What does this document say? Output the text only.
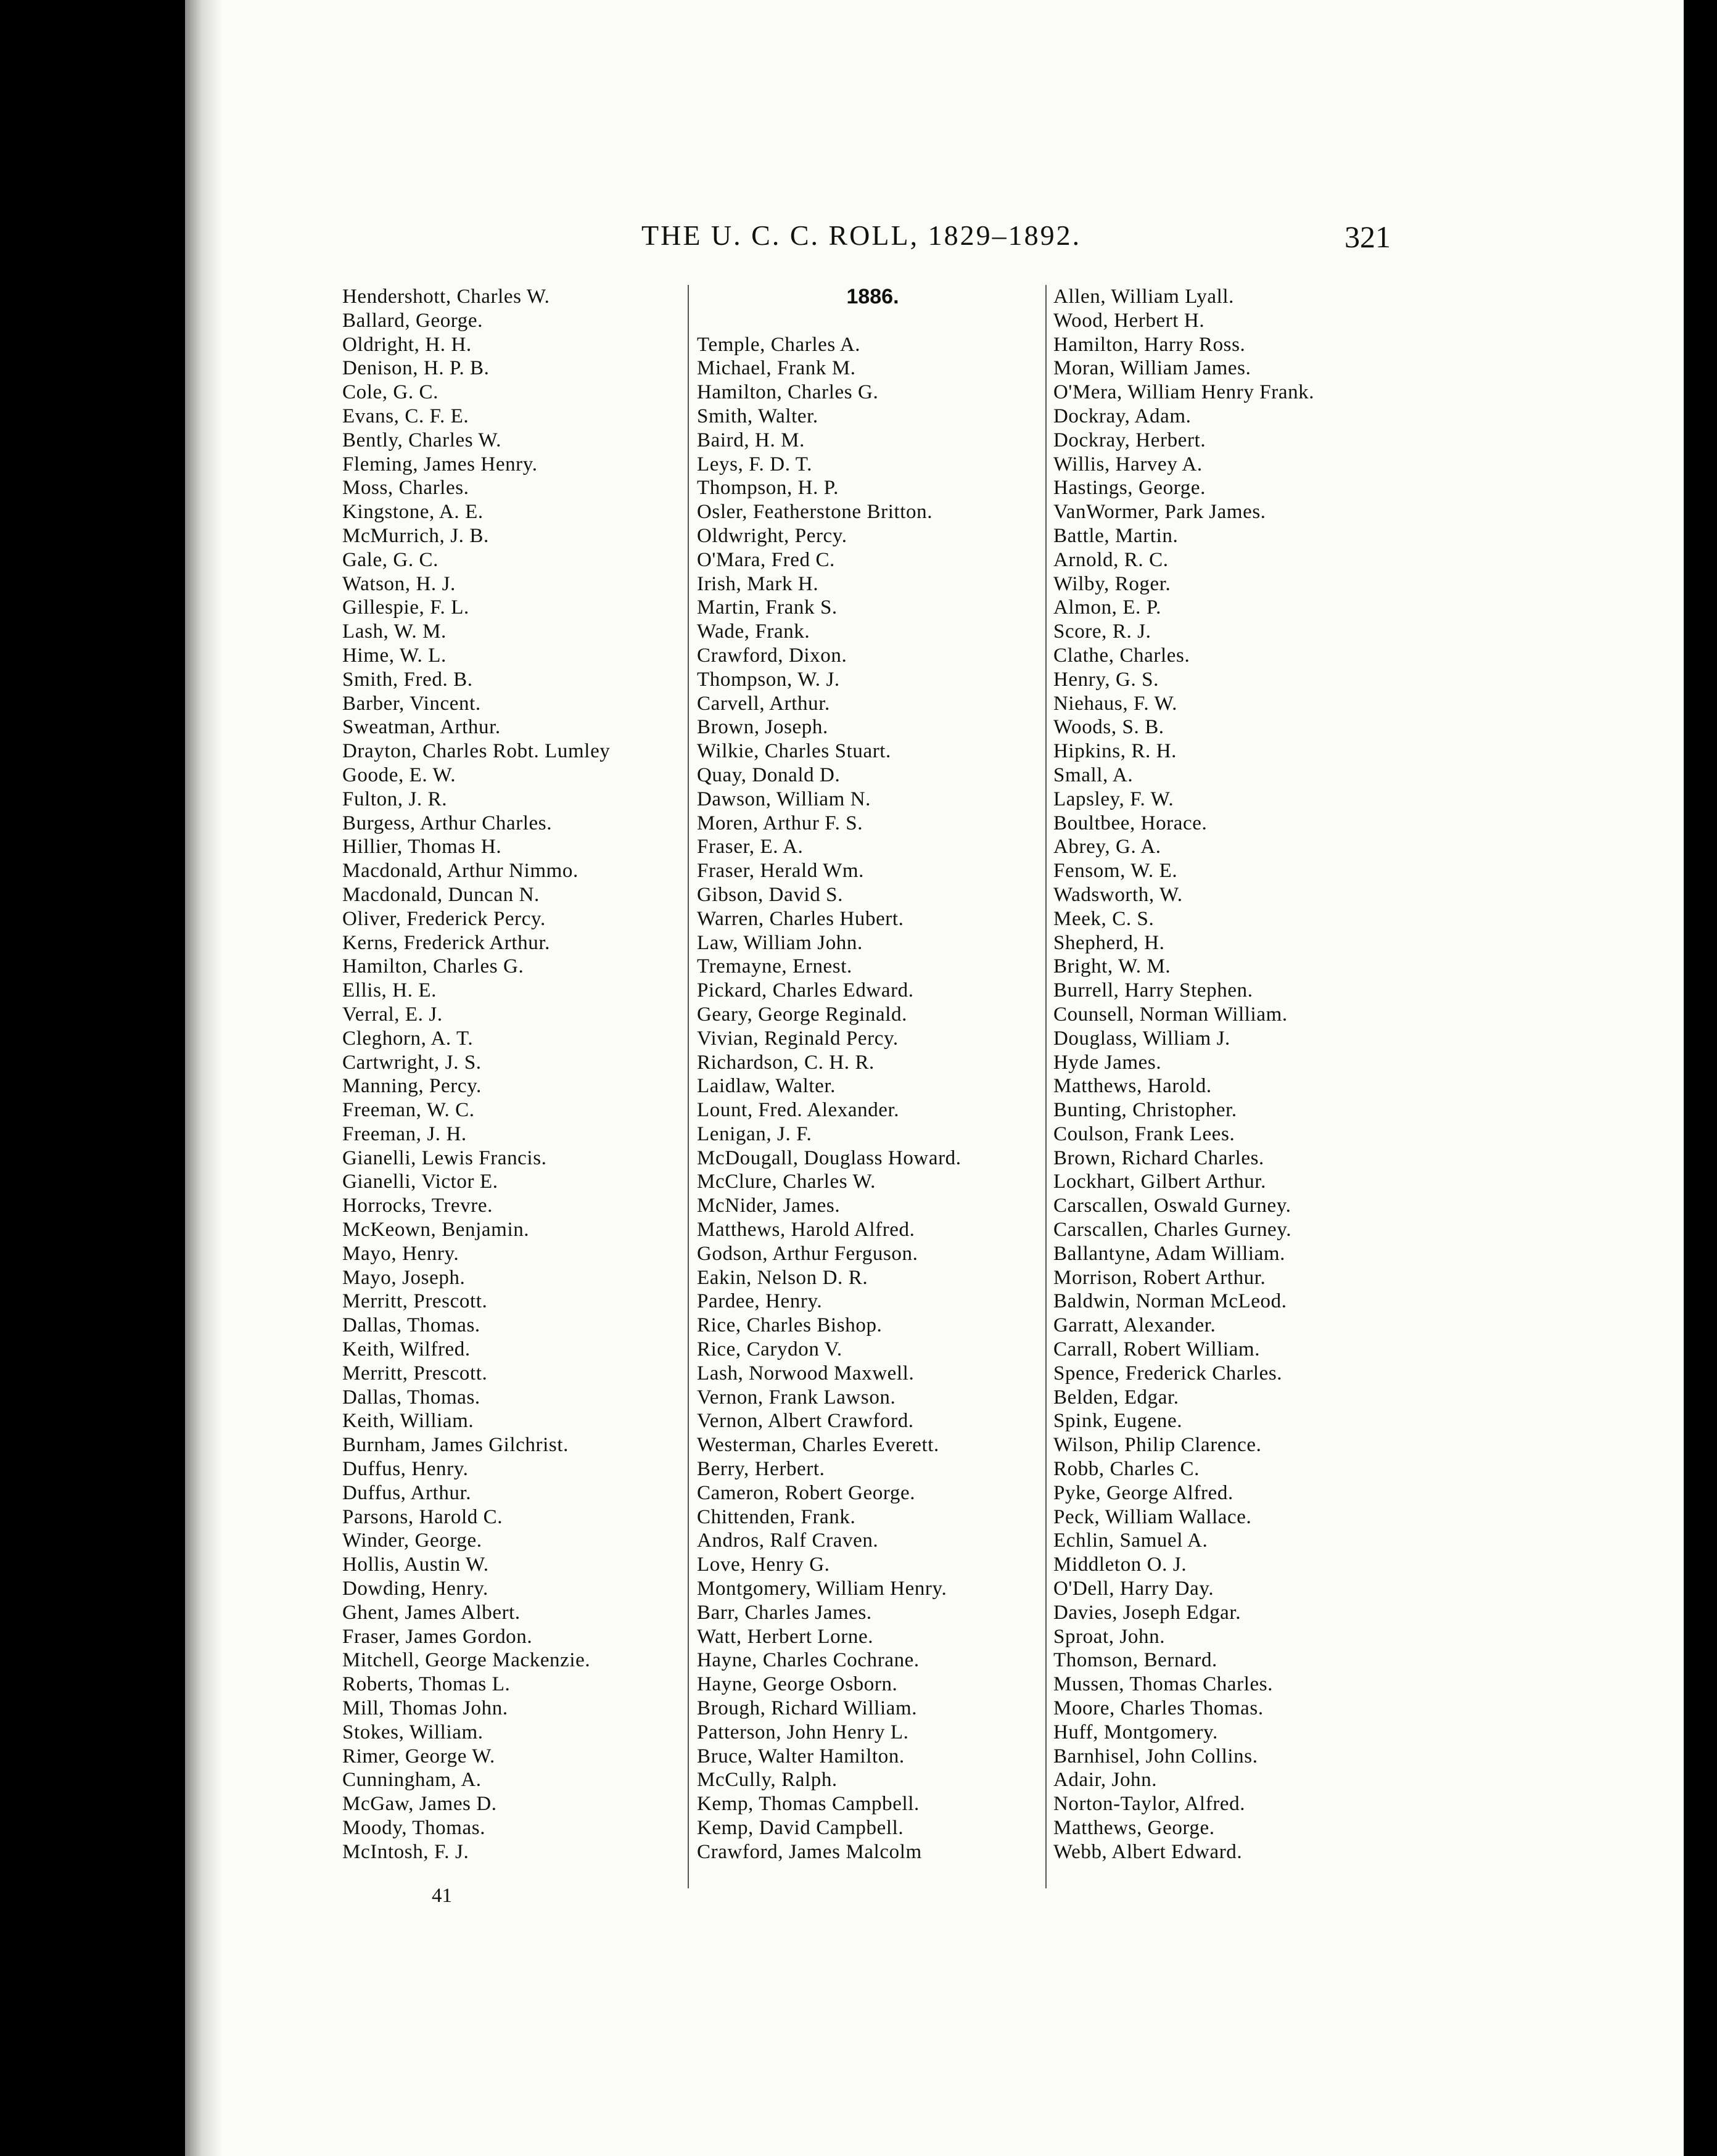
THE U. C. C. ROLL, 1829–1892.	321
Hendershott, Charles W.
Ballard, George.
Oldright, H. H.
Denison, H. P. B.
Cole, G. C.
Evans, C. F. E.
Bently, Charles W.
Fleming, James Henry.
Moss, Charles.
Kingstone, A. E.
McMurrich, J. B.
Gale, G. C.
Watson, H. J.
Gillespie, F. L.
Lash, W. M.
Hime, W. L.
Smith, Fred. B.
Barber, Vincent.
Sweatman, Arthur.
Drayton, Charles Robt. Lumley
Goode, E. W.
Fulton, J. R.
Burgess, Arthur Charles.
Hillier, Thomas H.
Macdonald, Arthur Nimmo.
Macdonald, Duncan N.
Oliver, Frederick Percy.
Kerns, Frederick Arthur.
Hamilton, Charles G.
Ellis, H. E.
Verral, E. J.
Cleghorn, A. T.
Cartwright, J. S.
Manning, Percy.
Freeman, W. C.
Freeman, J. H.
Gianelli, Lewis Francis.
Gianelli, Victor E.
Horrocks, Trevre.
McKeown, Benjamin.
Mayo, Henry.
Mayo, Joseph.
Merritt, Prescott.
Dallas, Thomas.
Keith, Wilfred.
Merritt, Prescott.
Dallas, Thomas.
Keith, William.
Burnham, James Gilchrist.
Duffus, Henry.
Duffus, Arthur.
Parsons, Harold C.
Winder, George.
Hollis, Austin W.
Dowding, Henry.
Ghent, James Albert.
Fraser, James Gordon.
Mitchell, George Mackenzie.
Roberts, Thomas L.
Mill, Thomas John.
Stokes, William.
Rimer, George W.
Cunningham, A.
McGaw, James D.
Moody, Thomas.
McIntosh, F. J.
1886.
Temple, Charles A.
Michael, Frank M.
Hamilton, Charles G.
Smith, Walter.
Baird, H. M.
Leys, F. D. T.
Thompson, H. P.
Osler, Featherstone Britton.
Oldwright, Percy.
O'Mara, Fred C.
Irish, Mark H.
Martin, Frank S.
Wade, Frank.
Crawford, Dixon.
Thompson, W. J.
Carvell, Arthur.
Brown, Joseph.
Wilkie, Charles Stuart.
Quay, Donald D.
Dawson, William N.
Moren, Arthur F. S.
Fraser, E. A.
Fraser, Herald Wm.
Gibson, David S.
Warren, Charles Hubert.
Law, William John.
Tremayne, Ernest.
Pickard, Charles Edward.
Geary, George Reginald.
Vivian, Reginald Percy.
Richardson, C. H. R.
Laidlaw, Walter.
Lount, Fred. Alexander.
Lenigan, J. F.
McDougall, Douglass Howard.
McClure, Charles W.
McNider, James.
Matthews, Harold Alfred.
Godson, Arthur Ferguson.
Eakin, Nelson D. R.
Pardee, Henry.
Rice, Charles Bishop.
Rice, Carydon V.
Lash, Norwood Maxwell.
Vernon, Frank Lawson.
Vernon, Albert Crawford.
Westerman, Charles Everett.
Berry, Herbert.
Cameron, Robert George.
Chittenden, Frank.
Andros, Ralf Craven.
Love, Henry G.
Montgomery, William Henry.
Barr, Charles James.
Watt, Herbert Lorne.
Hayne, Charles Cochrane.
Hayne, George Osborn.
Brough, Richard William.
Patterson, John Henry L.
Bruce, Walter Hamilton.
McCully, Ralph.
Kemp, Thomas Campbell.
Kemp, David Campbell.
Crawford, James Malcolm
Allen, William Lyall.
Wood, Herbert H.
Hamilton, Harry Ross.
Moran, William James.
O'Mera, William Henry Frank.
Dockray, Adam.
Dockray, Herbert.
Willis, Harvey A.
Hastings, George.
VanWormer, Park James.
Battle, Martin.
Arnold, R. C.
Wilby, Roger.
Almon, E. P.
Score, R. J.
Clathe, Charles.
Henry, G. S.
Niehaus, F. W.
Woods, S. B.
Hipkins, R. H.
Small, A.
Lapsley, F. W.
Boultbee, Horace.
Abrey, G. A.
Fensom, W. E.
Wadsworth, W.
Meek, C. S.
Shepherd, H.
Bright, W. M.
Burrell, Harry Stephen.
Counsell, Norman William.
Douglass, William J.
Hyde James.
Matthews, Harold.
Bunting, Christopher.
Coulson, Frank Lees.
Brown, Richard Charles.
Lockhart, Gilbert Arthur.
Carscallen, Oswald Gurney.
Carscallen, Charles Gurney.
Ballantyne, Adam William.
Morrison, Robert Arthur.
Baldwin, Norman McLeod.
Garratt, Alexander.
Carrall, Robert William.
Spence, Frederick Charles.
Belden, Edgar.
Spink, Eugene.
Wilson, Philip Clarence.
Robb, Charles C.
Pyke, George Alfred.
Peck, William Wallace.
Echlin, Samuel A.
Middleton O. J.
O'Dell, Harry Day.
Davies, Joseph Edgar.
Sproat, John.
Thomson, Bernard.
Mussen, Thomas Charles.
Moore, Charles Thomas.
Huff, Montgomery.
Barnhisel, John Collins.
Adair, John.
Norton-Taylor, Alfred.
Matthews, George.
Webb, Albert Edward.
41
